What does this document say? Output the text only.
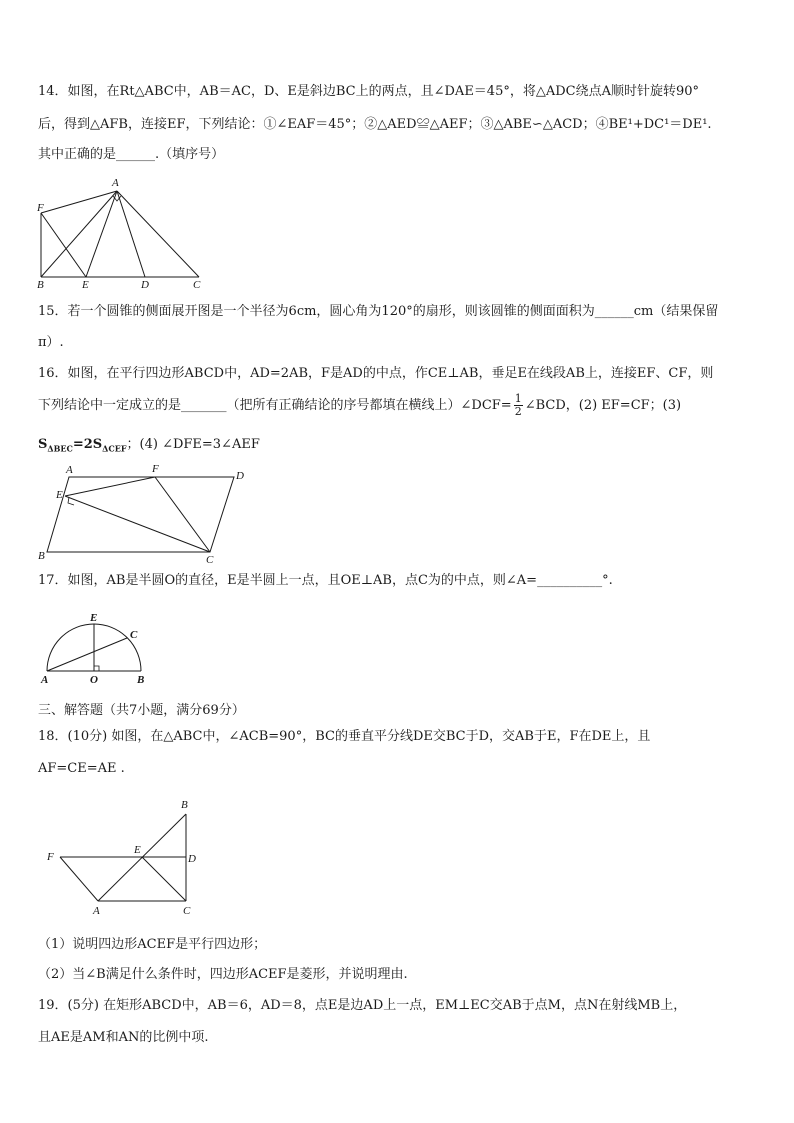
14．如图，在Rt△ABC中，AB＝AC，D、E是斜边BC上的两点，且∠DAE＝45°，将△ADC绕点A顺时针旋转90°
后，得到△AFB，连接EF，下列结论：①∠EAF＝45°；②△AED≌△AEF；③△ABE∽△ACD；④BE¹+DC¹＝DE¹.
其中正确的是______.（填序号）
A
F
B	E	D	C
15．若一个圆锥的侧面展开图是一个半径为6cm，圆心角为120°的扇形，则该圆锥的侧面面积为______cm（结果保留
π）.
16．如图，在平行四边形ABCD中，AD=2AB，F是AD的中点，作CE⊥AB，垂足E在线段AB上，连接EF、CF，则
下列结论中一定成立的是_______（把所有正确结论的序号都填在横线上）∠DCF= $\frac{1}{2}$ ∠BCD，(2) EF=CF；(3)
$S_{\Delta BEC}=2S_{\Delta CEF}$；(4) ∠DFE=3∠AEF
A	F
D
E
B	C
17．如图，AB是半圆O的直径，E是半圆上一点，且OE⊥AB，点C为的中点，则∠A=__________°.
E
C
A	O	B
三、解答题（共7小题，满分69分）
18．(10分) 如图，在△ABC中，∠ACB=90°，BC的垂直平分线DE交BC于D，交AB于E，F在DE上，且
AF=CE=AE .
B
F
E
D
A	C
（1）说明四边形ACEF是平行四边形；
（2）当∠B满足什么条件时，四边形ACEF是菱形，并说明理由.
19．(5分) 在矩形ABCD中，AB＝6，AD＝8，点E是边AD上一点，EM⊥EC交AB于点M，点N在射线MB上，
且AE是AM和AN的比例中项.
